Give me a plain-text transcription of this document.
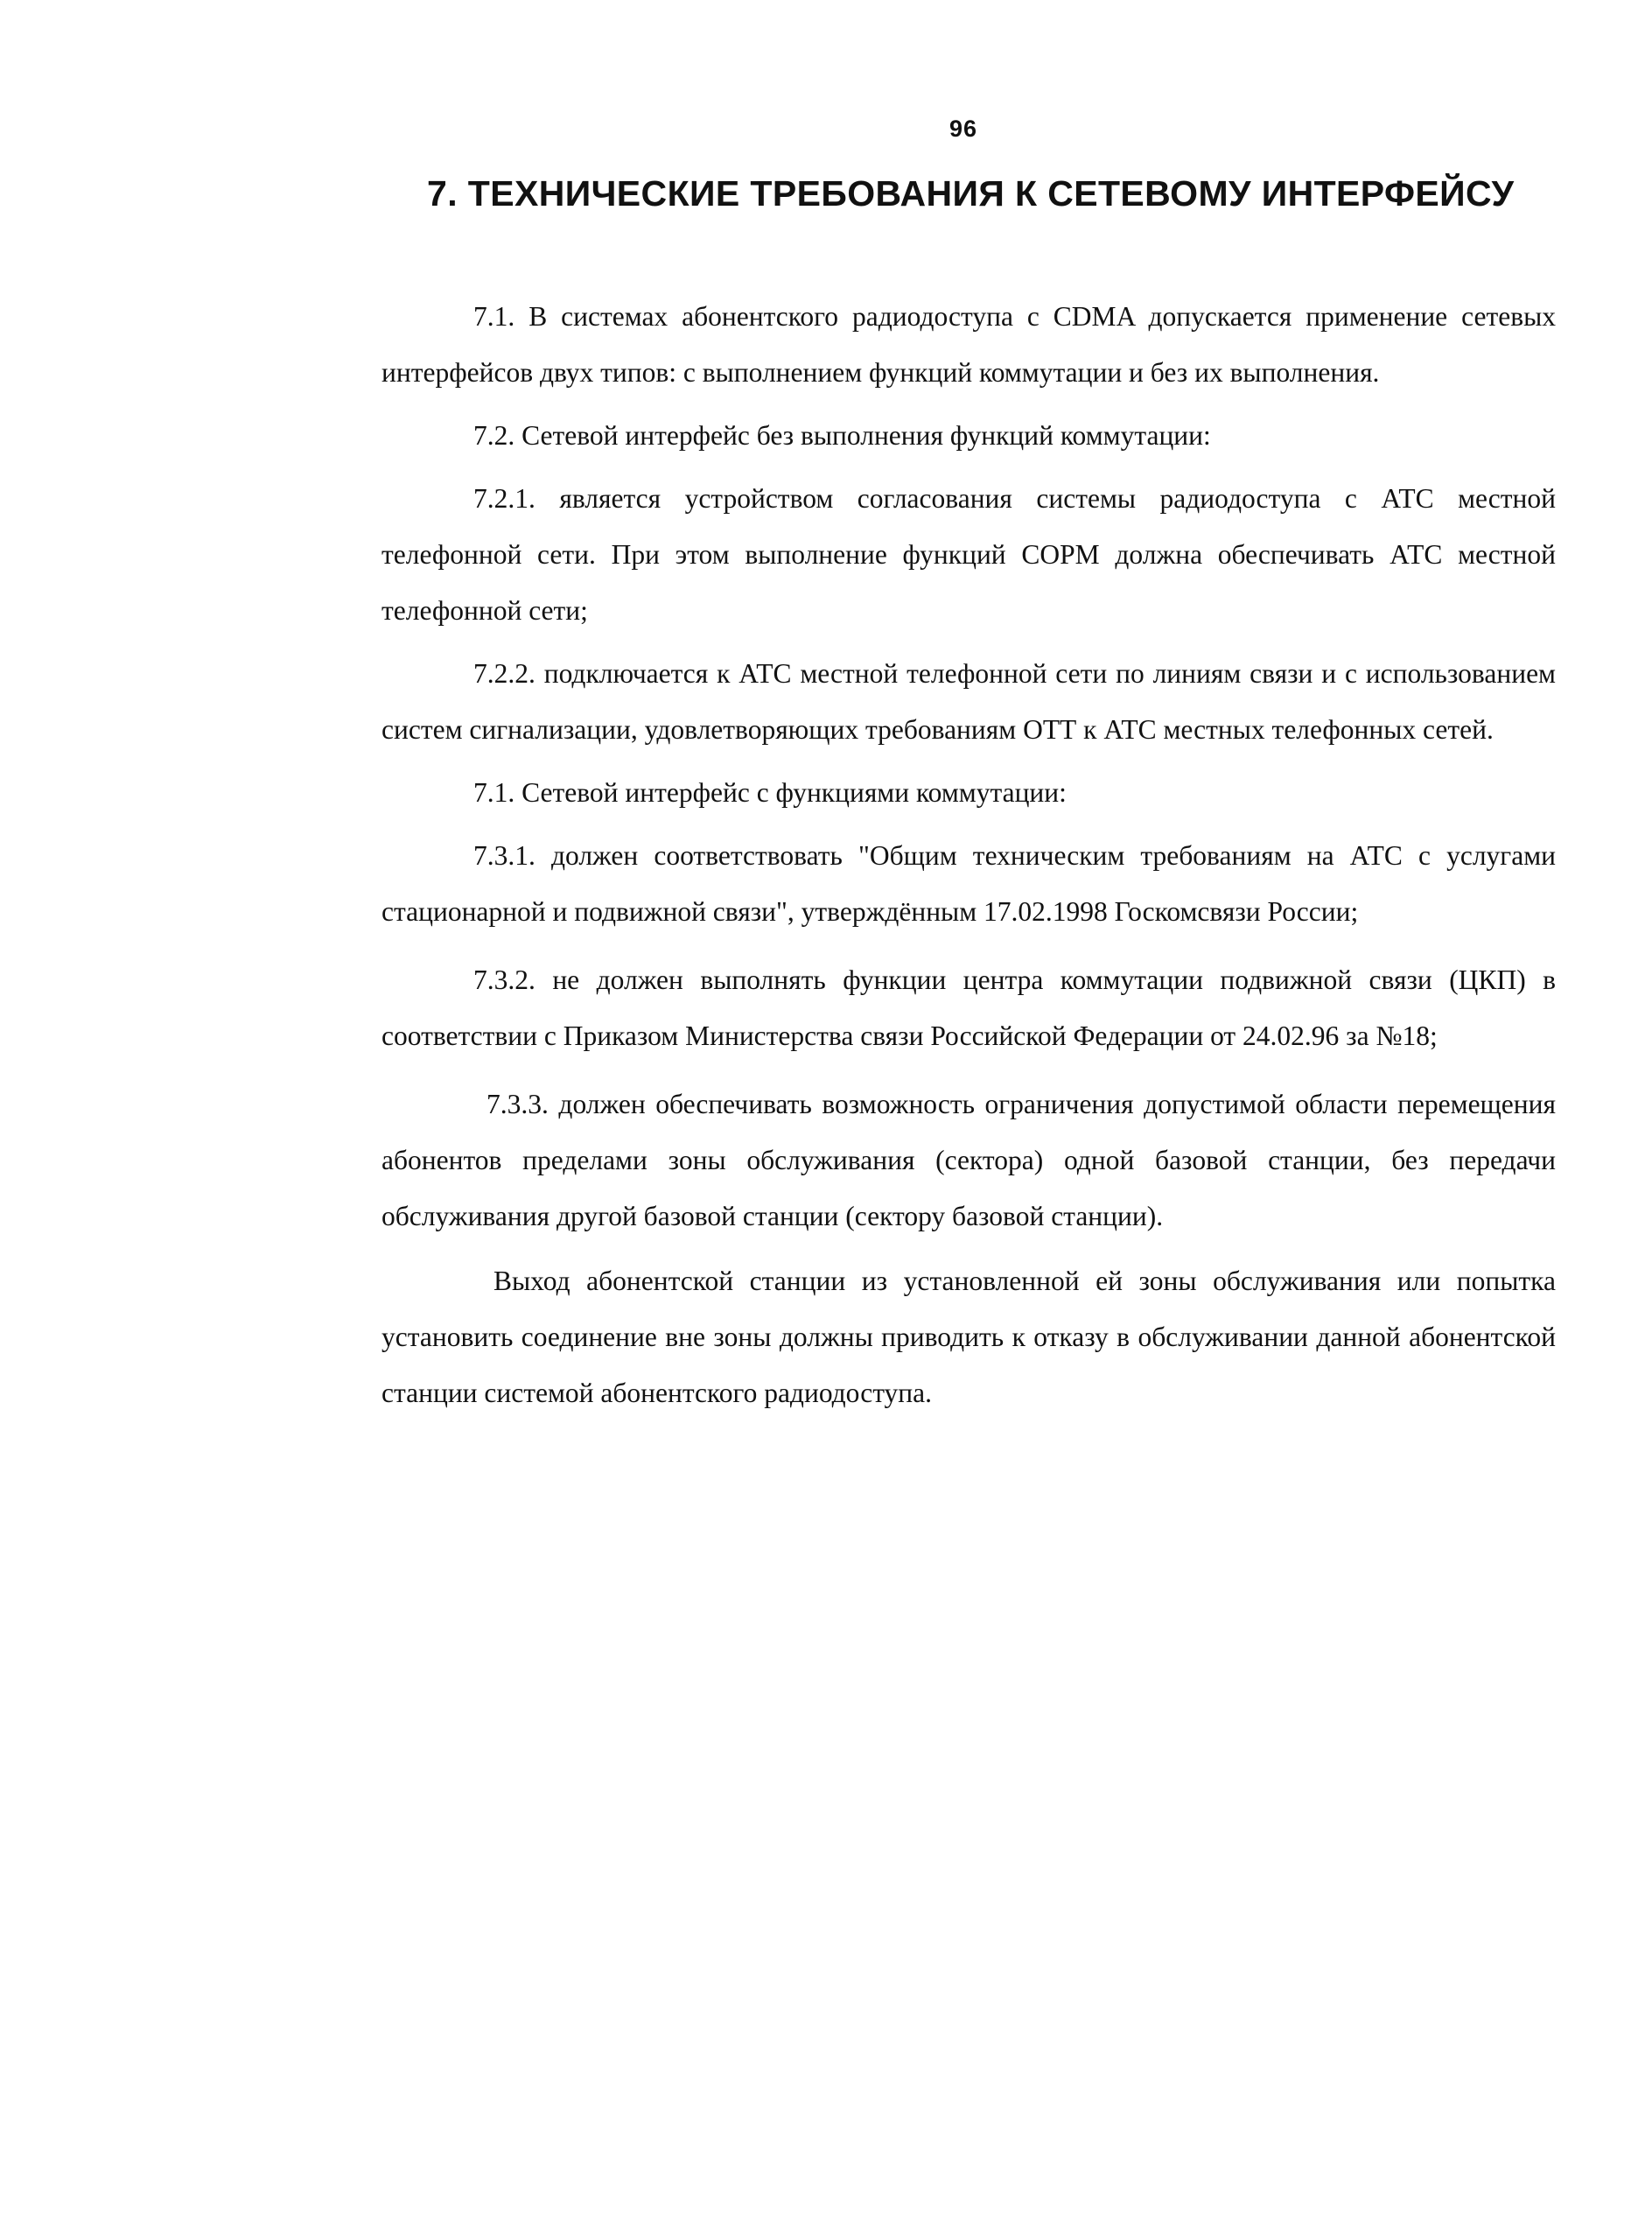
96
7. ТЕХНИЧЕСКИЕ ТРЕБОВАНИЯ К СЕТЕВОМУ ИНТЕРФЕЙСУ

7.1. В системах абонентского радиодоступа с CDMA допускается применение сетевых интерфейсов двух типов: с выполнением функций коммутации и без их выполнения.

7.2. Сетевой интерфейс без выполнения функций коммутации:

7.2.1. является устройством согласования системы радиодоступа с АТС местной телефонной сети. При этом выполнение функций СОРМ должна обеспечивать АТС местной телефонной сети;

7.2.2. подключается к АТС местной телефонной сети по линиям связи и с использованием систем сигнализации, удовлетворяющих требованиям ОТТ к АТС местных телефонных сетей.

7.1. Сетевой интерфейс с функциями коммутации:

7.3.1. должен соответствовать "Общим техническим требованиям на АТС с услугами стационарной и подвижной связи", утверждённым 17.02.1998 Госкомсвязи России;

7.3.2. не должен выполнять функции центра коммутации подвижной связи (ЦКП) в соответствии с Приказом Министерства связи Российской Федерации от 24.02.96 за №18;

7.3.3. должен обеспечивать возможность ограничения допустимой области перемещения абонентов пределами зоны обслуживания (сектора) одной базовой станции, без передачи обслуживания другой базовой станции (сектору базовой станции).

Выход абонентской станции из установленной ей зоны обслуживания или попытка установить соединение вне зоны должны приводить к отказу в обслуживании данной абонентской станции системой абонентского радиодоступа.
